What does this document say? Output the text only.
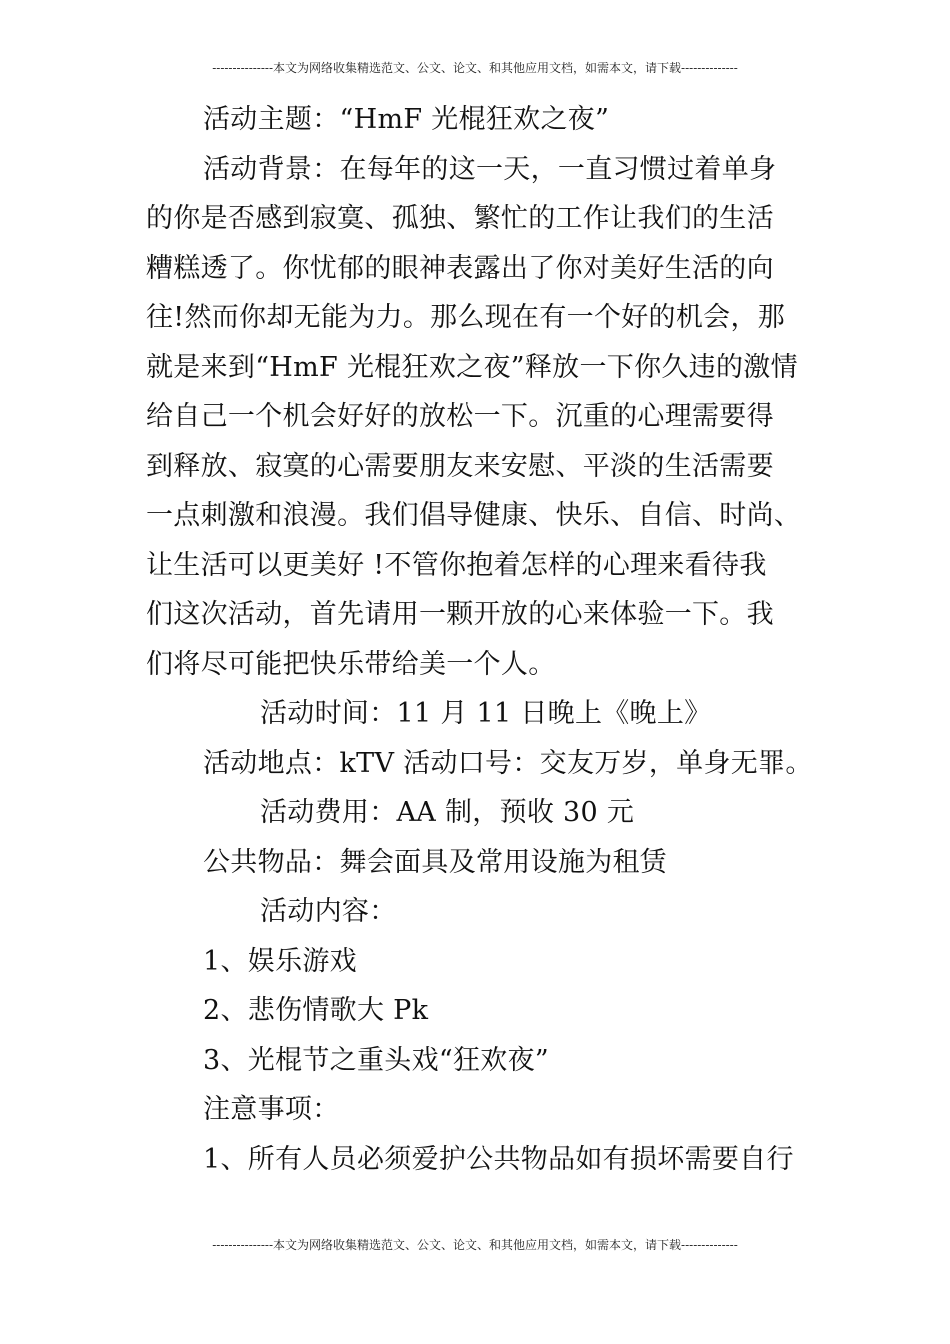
---------------本文为网络收集精选范文、公文、论文、和其他应用文档，如需本文，请下载--------------
活动主题：“HmF 光棍狂欢之夜”
活动背景：在每年的这一天，一直习惯过着单身
的你是否感到寂寞、孤独、繁忙的工作让我们的生活
糟糕透了。你忧郁的眼神表露出了你对美好生活的向
往!然而你却无能为力。那么现在有一个好的机会，那
就是来到“HmF 光棍狂欢之夜”释放一下你久违的激情
给自己一个机会好好的放松一下。沉重的心理需要得
到释放、寂寞的心需要朋友来安慰、平淡的生活需要
一点刺激和浪漫。我们倡导健康、快乐、自信、时尚、
让生活可以更美好 !不管你抱着怎样的心理来看待我
们这次活动，首先请用一颗开放的心来体验一下。我
们将尽可能把快乐带给美一个人。
活动时间：11 月 11 日晚上《晚上》
活动地点：kTV 活动口号：交友万岁，单身无罪。
活动费用：AA 制，预收 30 元
公共物品：舞会面具及常用设施为租赁
活动内容：
1、娱乐游戏
2、悲伤情歌大 Pk
3、光棍节之重头戏“狂欢夜”
注意事项：
1、所有人员必须爱护公共物品如有损坏需要自行
---------------本文为网络收集精选范文、公文、论文、和其他应用文档，如需本文，请下载--------------
